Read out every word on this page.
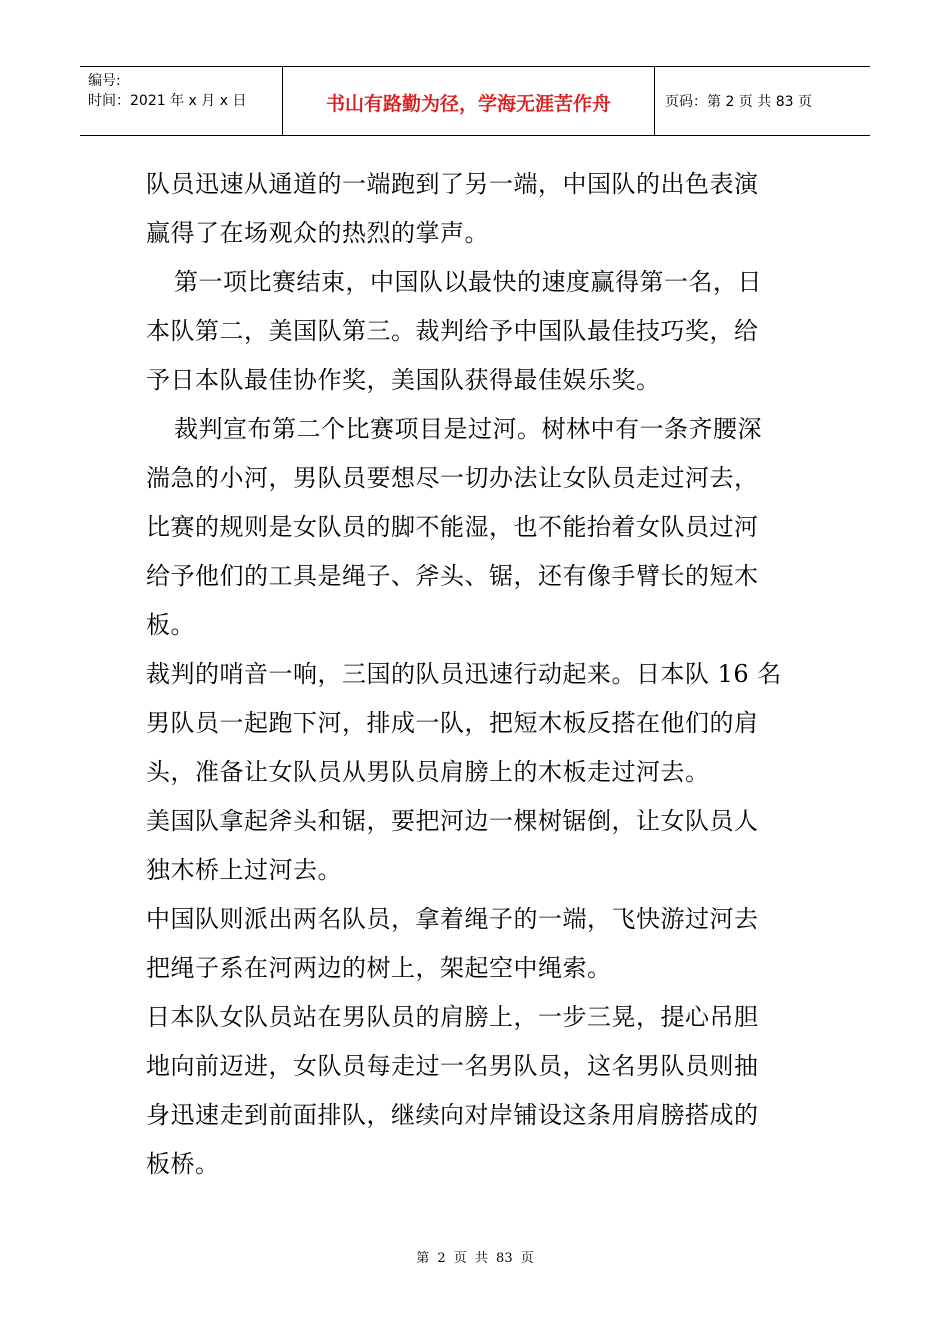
编号:
时间：2021 年 x 月 x 日	书山有路勤为径，学海无涯苦作舟	页码：第 2 页 共 83 页
队员迅速从通道的一端跑到了另一端，中国队的出色表演
赢得了在场观众的热烈的掌声。
第一项比赛结束，中国队以最快的速度赢得第一名，日
本队第二，美国队第三。裁判给予中国队最佳技巧奖，给
予日本队最佳协作奖，美国队获得最佳娱乐奖。
裁判宣布第二个比赛项目是过河。树林中有一条齐腰深
湍急的小河，男队员要想尽一切办法让女队员走过河去，
比赛的规则是女队员的脚不能湿，也不能抬着女队员过河
给予他们的工具是绳子、斧头、锯，还有像手臂长的短木
板。
裁判的哨音一响，三国的队员迅速行动起来。日本队 16 名
男队员一起跑下河，排成一队，把短木板反搭在他们的肩
头，准备让女队员从男队员肩膀上的木板走过河去。
美国队拿起斧头和锯，要把河边一棵树锯倒，让女队员人
独木桥上过河去。
中国队则派出两名队员，拿着绳子的一端，飞快游过河去
把绳子系在河两边的树上，架起空中绳索。
日本队女队员站在男队员的肩膀上，一步三晃，提心吊胆
地向前迈进，女队员每走过一名男队员，这名男队员则抽
身迅速走到前面排队，继续向对岸铺设这条用肩膀搭成的
板桥。
第 2 页 共 83 页
